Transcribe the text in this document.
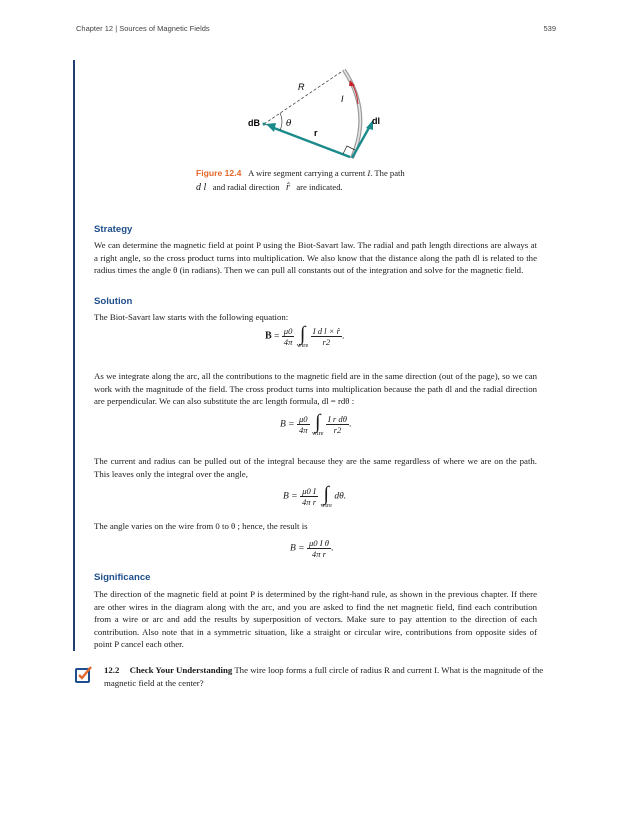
Chapter 12 | Sources of Magnetic Fields	539
R
I
dl
dB	θ
r
Figure 12.4 A wire segment carrying a current I. The path
d l and radial direction r̂ are indicated.
Strategy
We can determine the magnetic field at point P using the Biot-Savart law. The radial and path length directions are always at a right angle, so the cross product turns into multiplication. We also know that the distance along the path dl is related to the radius times the angle θ (in radians). Then we can pull all constants out of the integration and solve for the magnetic field.
Solution
The Biot-Savart law starts with the following equation:
$B = \frac{\mu 0}{4\pi}$
∫
wire
$\frac{\text{I d l × r̂}}{r2}$ .
As we integrate along the arc, all the contributions to the magnetic field are in the same direction (out of the page), so we can work with the magnitude of the field. The cross product turns into multiplication because the path dl and the radial direction are perpendicular. We can also substitute the arc length formula, dl = rdθ :
$B = \frac{\mu 0}{4\pi}$
∫
wire
$\frac{\text{I r dθ}}{r2}$ .
The current and radius can be pulled out of the integral because they are the same regardless of where we are on the path. This leaves only the integral over the angle,
$B = \frac{\mu 0 I}{\text{4π r}}$
∫
wire
dθ.
The angle varies on the wire from 0 to θ ; hence, the result is
$B = \frac{\text{μ0 I θ}}{\text{4π r}}$ .
Significance
The direction of the magnetic field at point P is determined by the right-hand rule, as shown in the previous chapter. If there are other wires in the diagram along with the arc, and you are asked to find the net magnetic field, find each contribution from a wire or arc and add the results by superposition of vectors. Make sure to pay attention to the direction of each contribution. Also note that in a symmetric situation, like a straight or circular wire, contributions from opposite sides of point P cancel each other.
12.2 Check Your Understanding The wire loop forms a full circle of radius R and current I. What is the magnitude of the magnetic field at the center?
